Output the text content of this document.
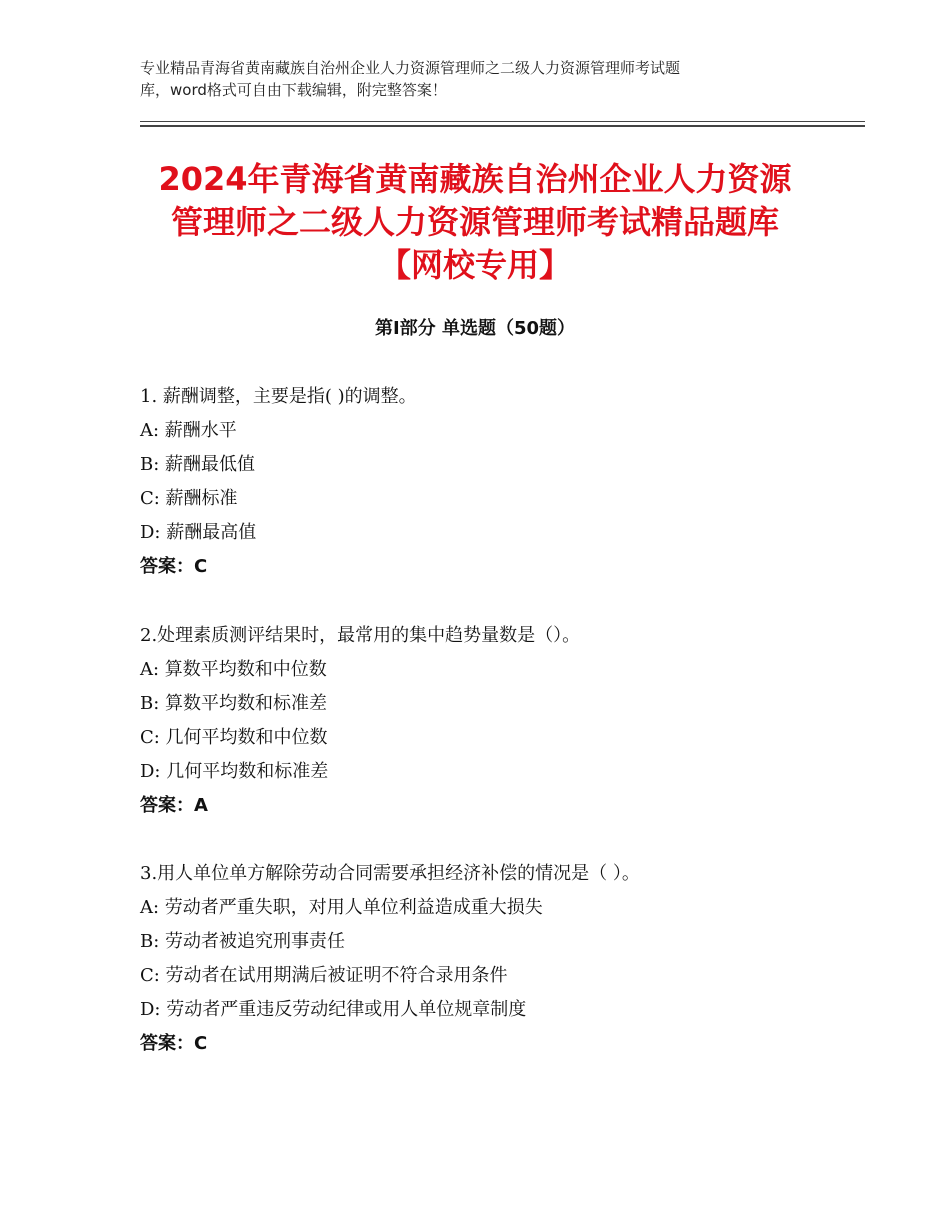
专业精品青海省黄南藏族自治州企业人力资源管理师之二级人力资源管理师考试题
库，word格式可自由下载编辑，附完整答案！
2024年青海省黄南藏族自治州企业人力资源
管理师之二级人力资源管理师考试精品题库
【网校专用】
第Ⅰ部分 单选题（50题）
1. 薪酬调整，主要是指( )的调整。
A: 薪酬水平
B: 薪酬最低值
C: 薪酬标准
D: 薪酬最高值
答案：C
2.处理素质测评结果时，最常用的集中趋势量数是（）。
A: 算数平均数和中位数
B: 算数平均数和标准差
C: 几何平均数和中位数
D: 几何平均数和标准差
答案：A
3.用人单位单方解除劳动合同需要承担经济补偿的情况是（ ）。
A: 劳动者严重失职，对用人单位利益造成重大损失
B: 劳动者被追究刑事责任
C: 劳动者在试用期满后被证明不符合录用条件
D: 劳动者严重违反劳动纪律或用人单位规章制度
答案：C
